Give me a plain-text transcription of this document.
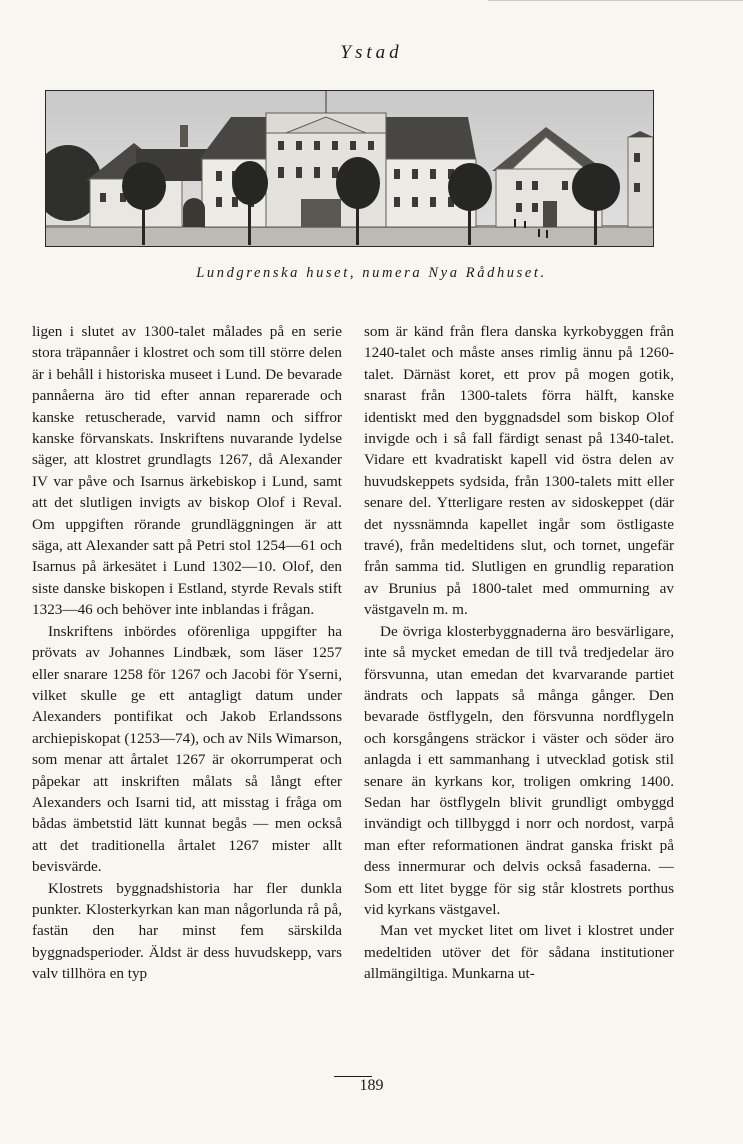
Ystad
Lundgrenska huset, numera Nya Rådhuset.

ligen i slutet av 1300-talet målades på en serie stora träpannåer i klostret och som till större delen är i behåll i historiska museet i Lund. De bevarade pannåerna äro tid efter annan reparerade och kanske retuscherade, varvid namn och siffror kanske förvanskats. Inskriftens nuvarande lydelse säger, att klostret grundlagts 1267, då Alexander IV var påve och Isarnus ärkebiskop i Lund, samt att det slutligen invigts av biskop Olof i Reval. Om uppgiften rörande grundläggningen är att säga, att Alexander satt på Petri stol 1254—61 och Isarnus på ärkesätet i Lund 1302—10. Olof, den siste danske biskopen i Estland, styrde Revals stift 1323—46 och behöver inte inblandas i frågan.

Inskriftens inbördes oförenliga uppgifter ha prövats av Johannes Lindbæk, som läser 1257 eller snarare 1258 för 1267 och Jacobi för Yserni, vilket skulle ge ett antagligt datum under Alexanders pontifikat och Jakob Erlandssons archiepiskopat (1253—74), och av Nils Wimarson, som menar att årtalet 1267 är okorrumperat och påpekar att inskriften målats så långt efter Alexanders och Isarni tid, att misstag i fråga om bådas ämbetstid lätt kunnat begås — men också att det traditionella årtalet 1267 mister allt bevisvärde.

Klostrets byggnadshistoria har fler dunkla punkter. Klosterkyrkan kan man någorlunda rå på, fastän den har minst fem särskilda byggnadsperioder. Äldst är dess huvudskepp, vars valv tillhöra en typ

som är känd från flera danska kyrkobyggen från 1240-talet och måste anses rimlig ännu på 1260-talet. Därnäst koret, ett prov på mogen gotik, snarast från 1300-talets förra hälft, kanske identiskt med den byggnadsdel som biskop Olof invigde och i så fall färdigt senast på 1340-talet. Vidare ett kvadratiskt kapell vid östra delen av huvudskeppets sydsida, från 1300-talets mitt eller senare del. Ytterligare resten av sidoskeppet (där det nyssnämnda kapellet ingår som östligaste travé), från medeltidens slut, och tornet, ungefär från samma tid. Slutligen en grundlig reparation av Brunius på 1800-talet med ommurning av västgaveln m. m.

De övriga klosterbyggnaderna äro besvärligare, inte så mycket emedan de till två tredjedelar äro försvunna, utan emedan det kvarvarande partiet ändrats och lappats så många gånger. Den bevarade östflygeln, den försvunna nordflygeln och korsgångens sträckor i väster och söder äro anlagda i ett sammanhang i utvecklad gotisk stil senare än kyrkans kor, troligen omkring 1400. Sedan har östflygeln blivit grundligt ombyggd invändigt och tillbyggd i norr och nordost, varpå man efter reformationen ändrat ganska friskt på dess innermurar och delvis också fasaderna. — Som ett litet bygge för sig står klostrets porthus vid kyrkans västgavel.

Man vet mycket litet om livet i klostret under medeltiden utöver det för sådana institutioner allmängiltiga. Munkarna ut-

189
